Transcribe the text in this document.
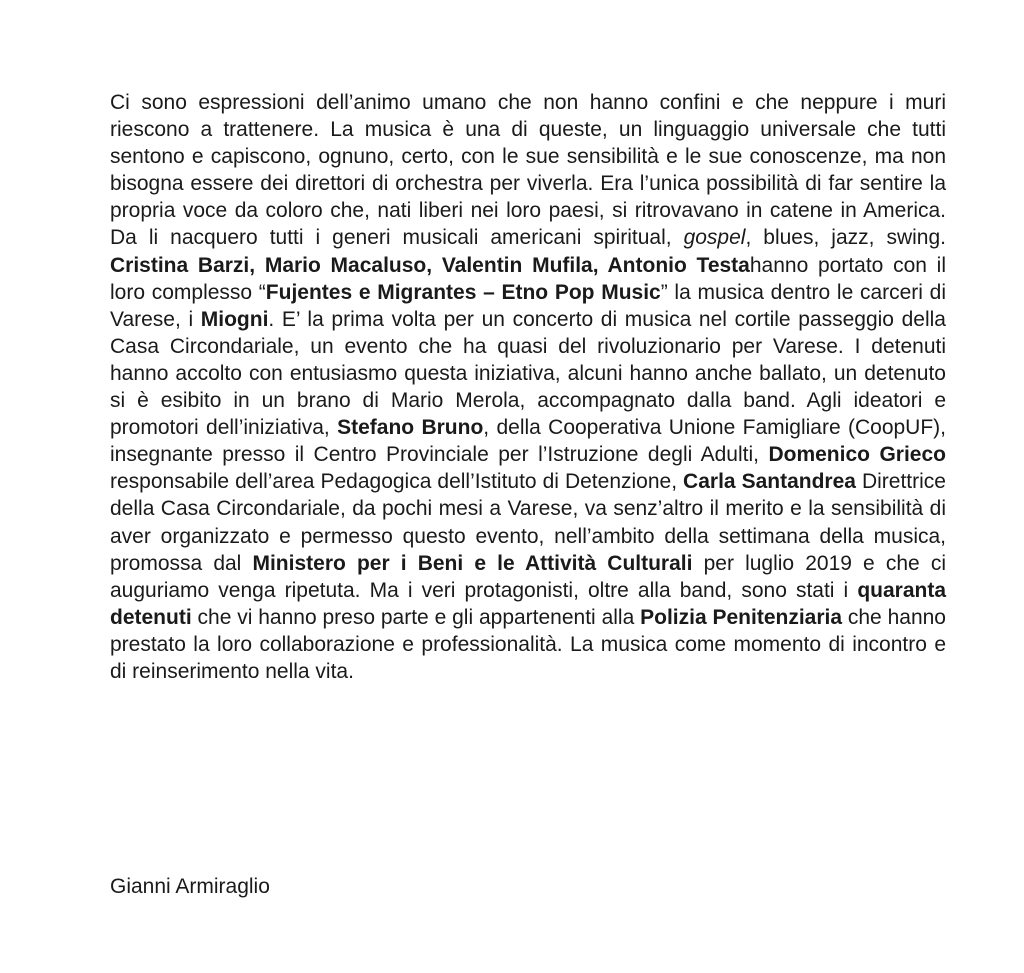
Ci sono espressioni dell’animo umano che non hanno confini e che neppure i muri riescono a trattenere. La musica è una di queste, un linguaggio universale che tutti sentono e capiscono, ognuno, certo, con le sue sensibilità e le sue conoscenze, ma non bisogna essere dei direttori di orchestra per viverla. Era l’unica possibilità di far sentire la propria voce da coloro che, nati liberi nei loro paesi, si ritrovavano in catene in America. Da li nacquero tutti i generi musicali americani spiritual, gospel, blues, jazz, swing. Cristina Barzi, Mario Macaluso, Valentin Mufila, Antonio Testahanno portato con il loro complesso “Fujentes e Migrantes – Etno Pop Music” la musica dentro le carceri di Varese, i Miogni. E’ la prima volta per un concerto di musica nel cortile passeggio della Casa Circondariale, un evento che ha quasi del rivoluzionario per Varese. I detenuti hanno accolto con entusiasmo questa iniziativa, alcuni hanno anche ballato, un detenuto si è esibito in un brano di Mario Merola, accompagnato dalla band. Agli ideatori e promotori dell’iniziativa, Stefano Bruno, della Cooperativa Unione Famigliare (CoopUF), insegnante presso il Centro Provinciale per l’Istruzione degli Adulti, Domenico Grieco responsabile dell’area Pedagogica dell’Istituto di Detenzione, Carla Santandrea Direttrice della Casa Circondariale, da pochi mesi a Varese, va senz’altro il merito e la sensibilità di aver organizzato e permesso questo evento, nell’ambito della settimana della musica, promossa dal Ministero per i Beni e le Attività Culturali per luglio 2019 e che ci auguriamo venga ripetuta. Ma i veri protagonisti, oltre alla band, sono stati i quaranta detenuti che vi hanno preso parte e gli appartenenti alla Polizia Penitenziaria che hanno prestato la loro collaborazione e professionalità. La musica come momento di incontro e di reinserimento nella vita.

Gianni Armiraglio
